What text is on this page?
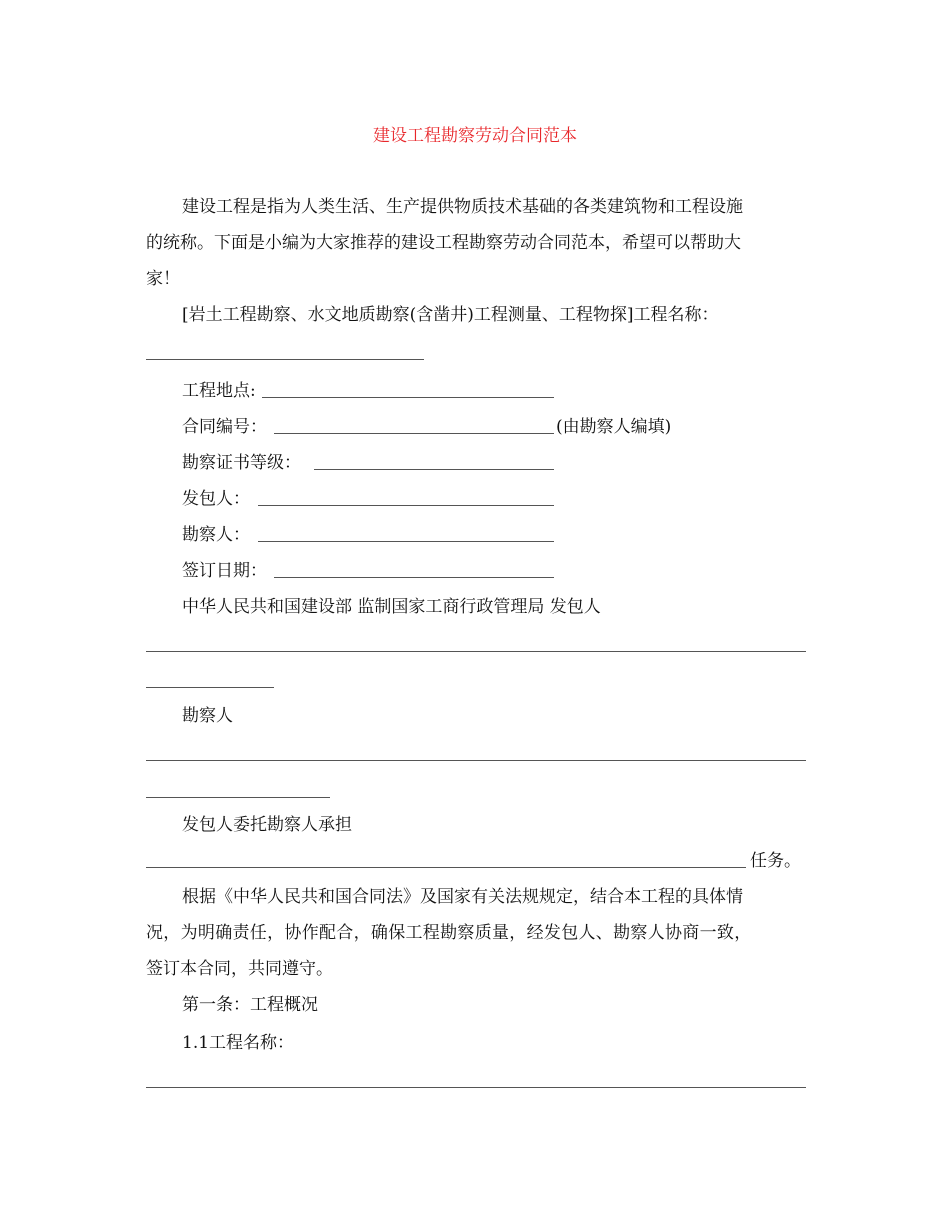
建设工程勘察劳动合同范本
建设工程是指为人类生活、生产提供物质技术基础的各类建筑物和工程设施
的统称。下面是小编为大家推荐的建设工程勘察劳动合同范本，希望可以帮助大
家！
[岩土工程勘察、水文地质勘察(含凿井)工程测量、工程物探]工程名称：
工程地点:
合同编号：	(由勘察人编填)
勘察证书等级：
发包人：
勘察人：
签订日期：
中华人民共和国建设部 监制国家工商行政管理局 发包人
勘察人
发包人委托勘察人承担
任务。
根据《中华人民共和国合同法》及国家有关法规规定，结合本工程的具体情
况，为明确责任，协作配合，确保工程勘察质量，经发包人、勘察人协商一致，
签订本合同，共同遵守。
第一条：工程概况
1.1工程名称：
